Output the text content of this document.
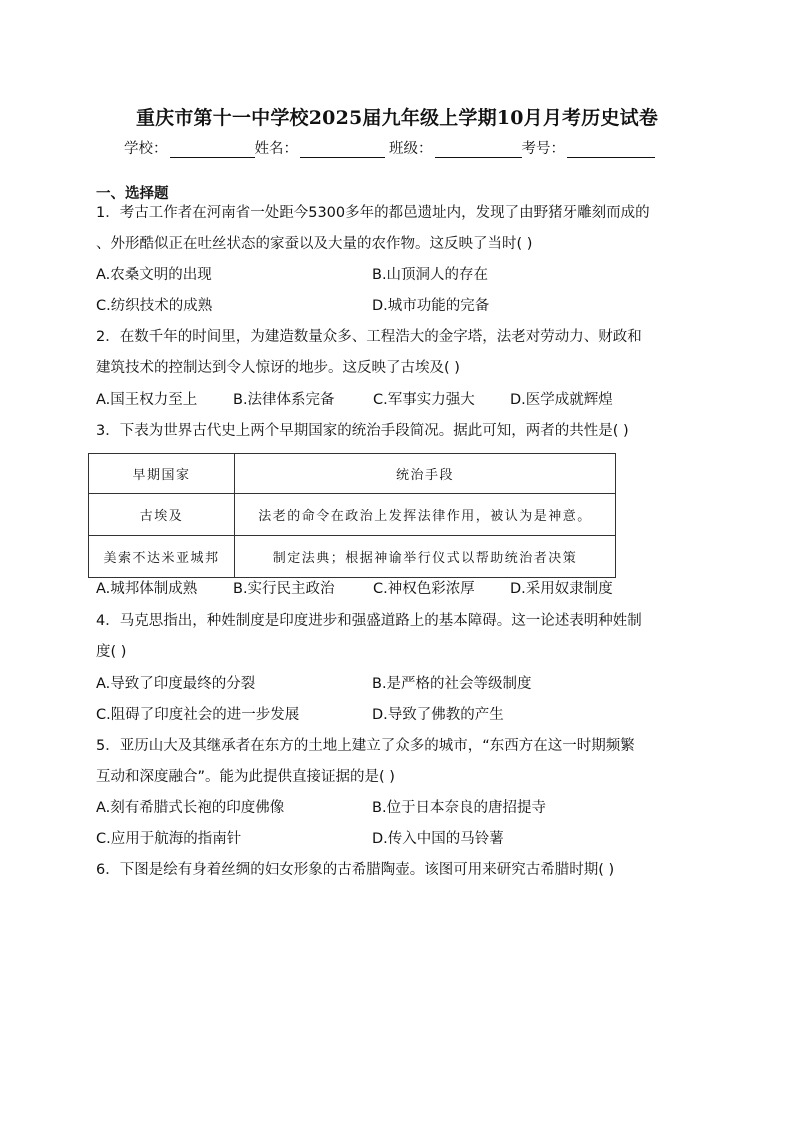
重庆市第十一中学校2025届九年级上学期10月月考历史试卷
学校：	姓名：	班级：	考号：
一、选择题
1．考古工作者在河南省一处距今5300多年的都邑遗址内，发现了由野猪牙雕刻而成的
、外形酷似正在吐丝状态的家蚕以及大量的农作物。这反映了当时( )
A.农桑文明的出现	B.山顶洞人的存在
C.纺织技术的成熟	D.城市功能的完备
2．在数千年的时间里，为建造数量众多、工程浩大的金字塔，法老对劳动力、财政和
建筑技术的控制达到令人惊讶的地步。这反映了古埃及( )
A.国王权力至上 B.法律体系完备	C.军事实力强大 D.医学成就辉煌
3．下表为世界古代史上两个早期国家的统治手段简况。据此可知，两者的共性是( )
早期国家	统治手段
古埃及	法老的命令在政治上发挥法律作用，被认为是神意。
美索不达米亚城邦	制定法典；根据神谕举行仪式以帮助统治者决策
A.城邦体制成熟 B.实行民主政治	C.神权色彩浓厚 D.采用奴隶制度
4．马克思指出，种姓制度是印度进步和强盛道路上的基本障碍。这一论述表明种姓制
度( )
A.导致了印度最终的分裂	B.是严格的社会等级制度
C.阻碍了印度社会的进一步发展	D.导致了佛教的产生
5．亚历山大及其继承者在东方的土地上建立了众多的城市，“东西方在这一时期频繁
互动和深度融合”。能为此提供直接证据的是( )
A.刻有希腊式长袍的印度佛像	B.位于日本奈良的唐招提寺
C.应用于航海的指南针	D.传入中国的马铃薯
6．下图是绘有身着丝绸的妇女形象的古希腊陶壶。该图可用来研究古希腊时期( )
